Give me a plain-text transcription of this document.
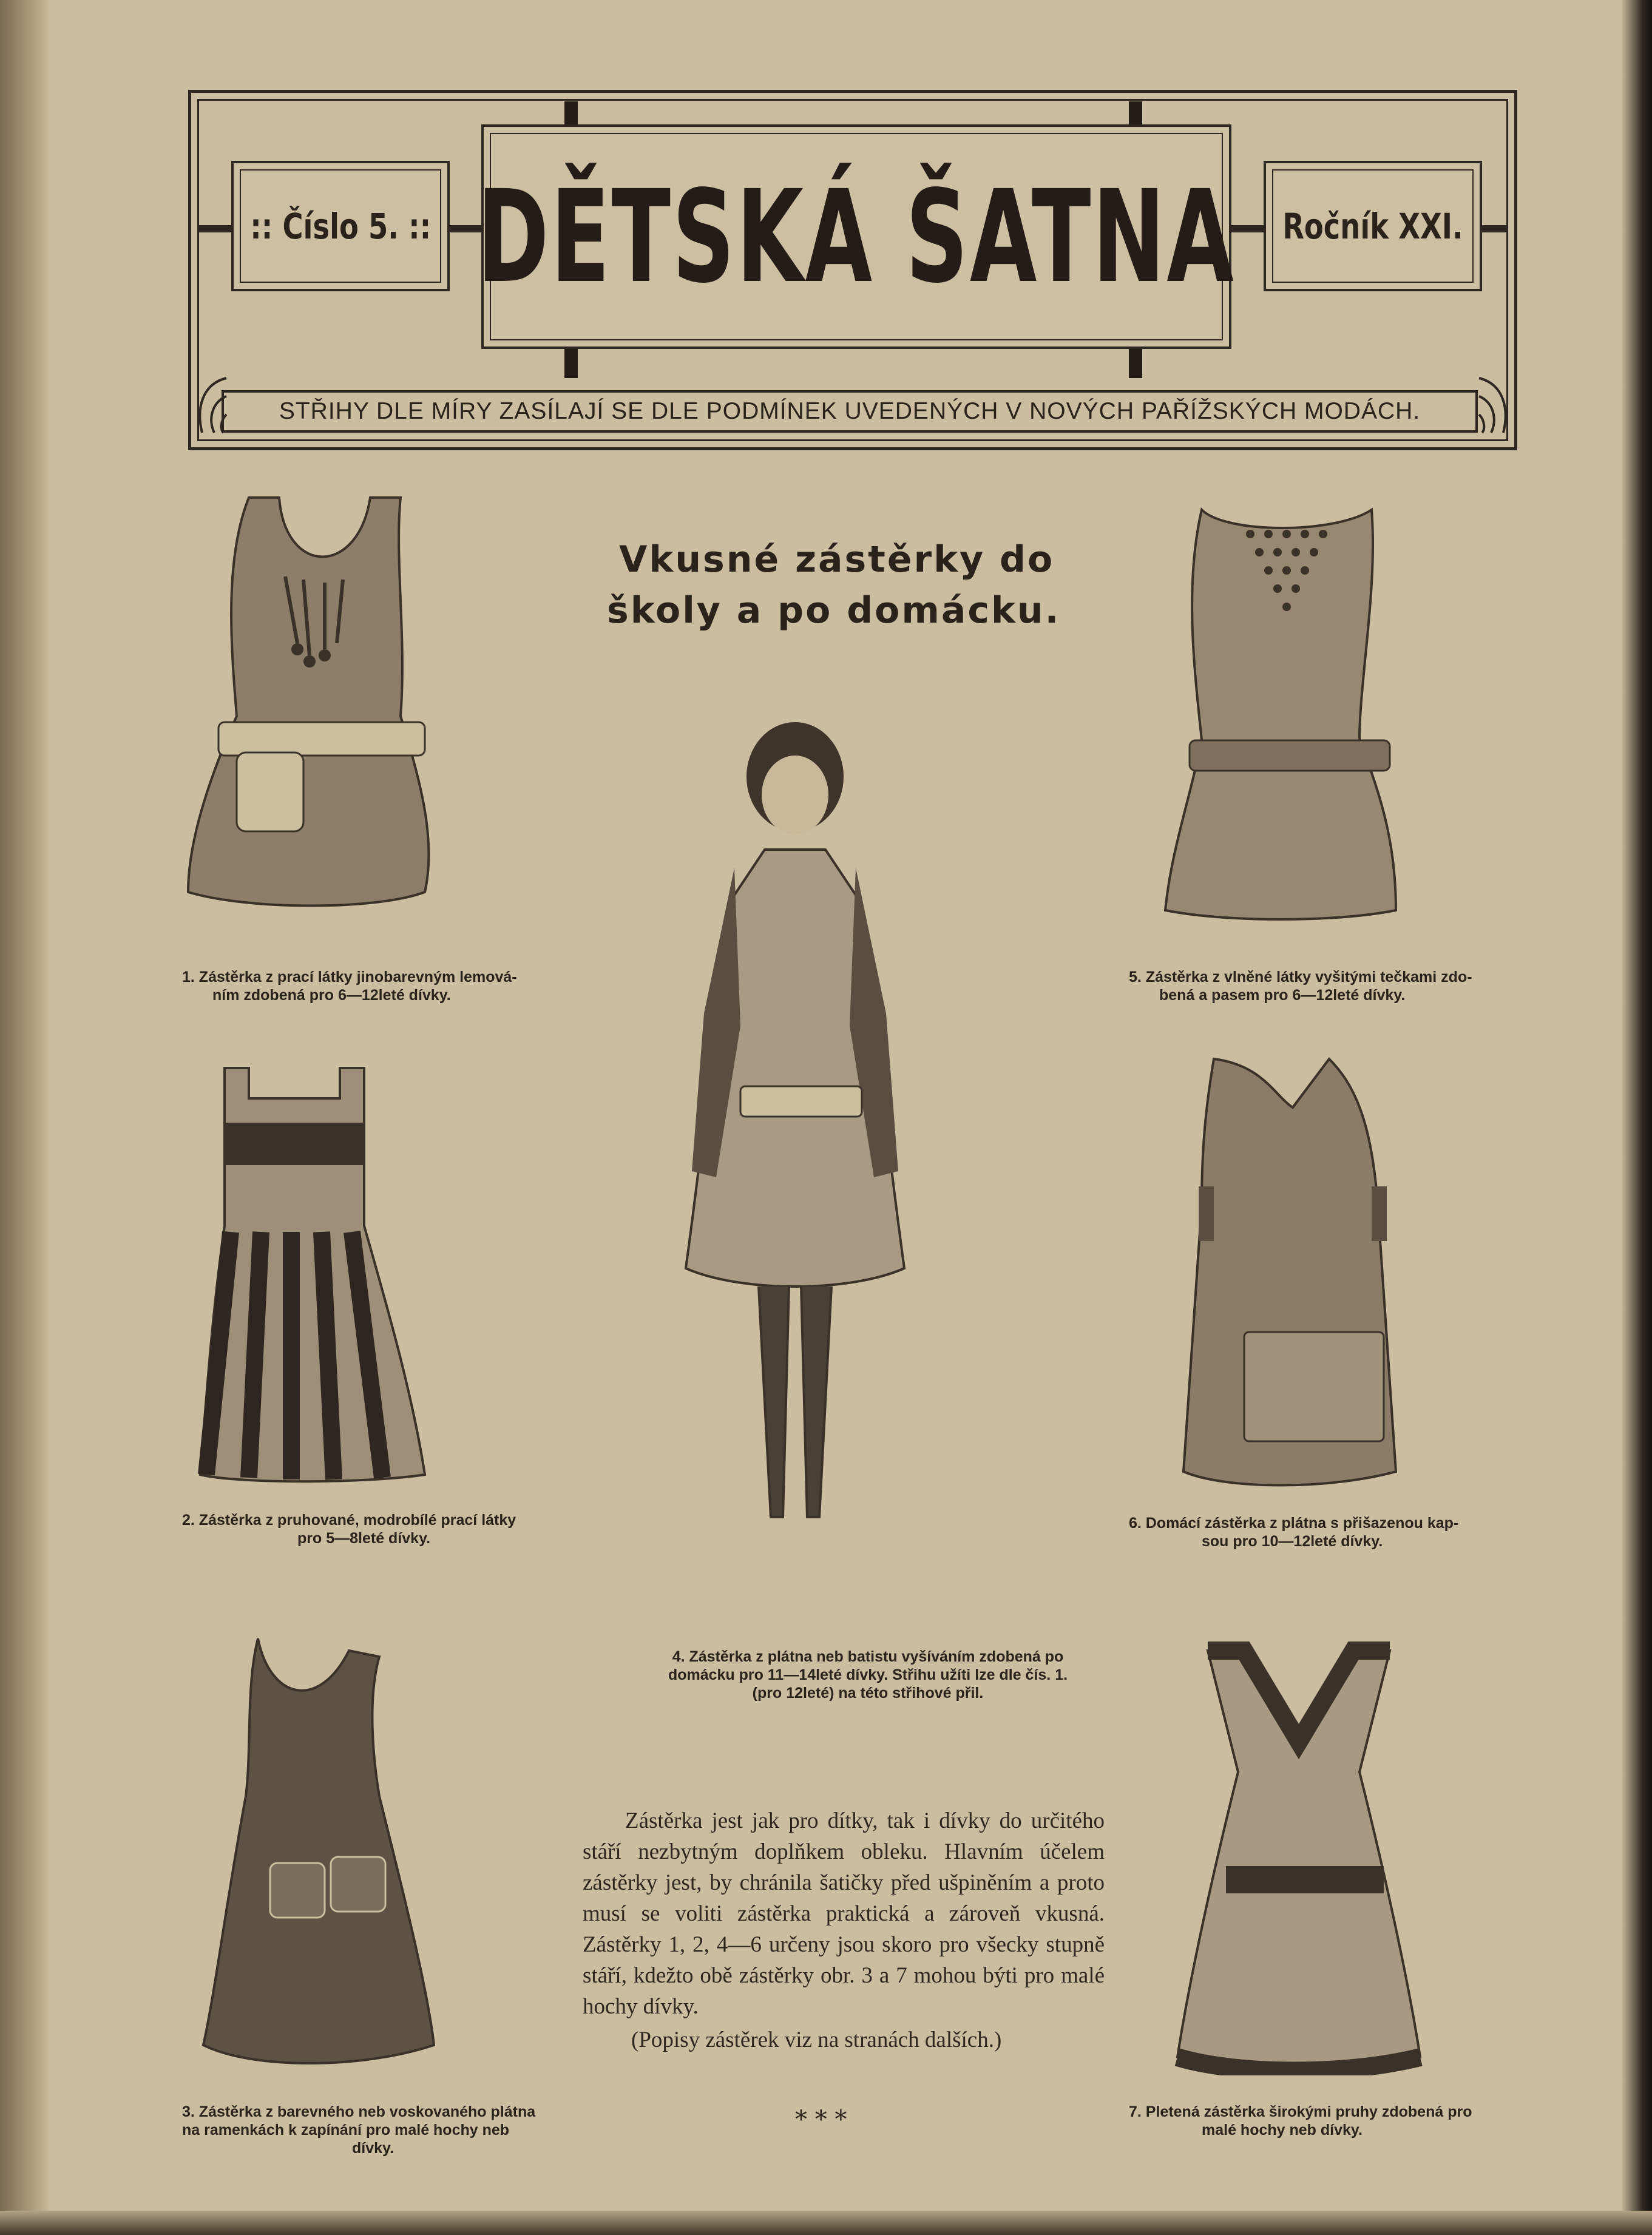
:: Číslo 5. :: DĚTSKÁ ŠATNA Ročník XXI.
STŘIHY DLE MÍRY ZASÍLAJÍ SE DLE PODMÍNEK UVEDENÝCH V NOVÝCH PAŘÍŽSKÝCH MODÁCH.
Vkusné zástěrky do
školy a po domácku.
1. Zástěrka z prací látky jinobarevným lemová-
ním zdobená pro 6—12leté dívky.
2. Zástěrka z pruhované, modrobílé prací látky
pro 5—8leté dívky.
3. Zástěrka z barevného neb voskovaného plátna
na ramenkách k zapínání pro malé hochy neb
dívky.
4. Zástěrka z plátna neb batistu vyšíváním zdobená po
domácku pro 11—14leté dívky. Střihu užíti lze dle čís. 1.
(pro 12leté) na této střihové přil.
5. Zástěrka z vlněné látky vyšitými tečkami zdo-
bená a pasem pro 6—12leté dívky.
6. Domácí zástěrka z plátna s přišazenou kap-
sou pro 10—12leté dívky.
7. Pletená zástěrka širokými pruhy zdobená pro
malé hochy neb dívky.

Zástěrka jest jak pro dítky, tak i dívky do určitého stáří nezbytným doplňkem obleku. Hlavním účelem zástěrky jest, by chránila šatičky před ušpiněním a proto musí se voliti zástěrka praktická a zároveň vkusná. Zástěrky 1, 2, 4—6 určeny jsou skoro pro všecky stupně stáří, kdežto obě zástěrky obr. 3 a 7 mohou býti pro malé hochy dívky.

(Popisy zástěrek viz na stranách dalších.)

* * *
